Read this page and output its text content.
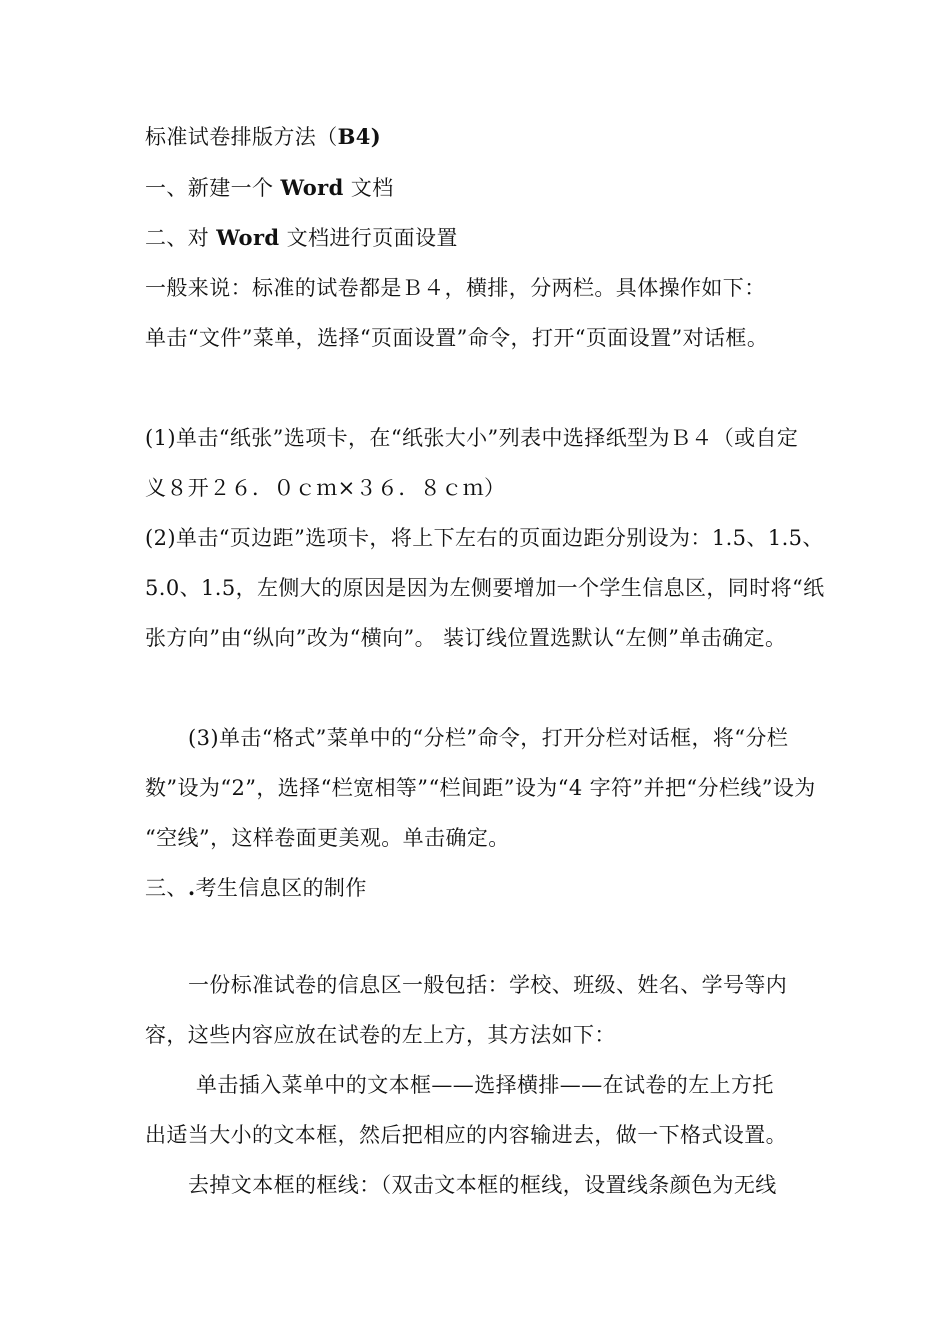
标准试卷排版方法（B4)
一、新建一个 Word 文档
二、对 Word 文档进行页面设置
一般来说：标准的试卷都是Ｂ４，横排，分两栏。具体操作如下：
单击“文件”菜单，选择“页面设置”命令，打开“页面设置”对话框。
(1)单击“纸张”选项卡，在“纸张大小”列表中选择纸型为Ｂ４（或自定
义８开２６．０ｃｍ×３６．８ｃｍ）
(2)单击“页边距”选项卡，将上下左右的页面边距分别设为：1.5、1.5、
5.0、1.5，左侧大的原因是因为左侧要增加一个学生信息区，同时将“纸
张方向”由“纵向”改为“横向”。 装订线位置选默认“左侧”单击确定。
(3)单击“格式”菜单中的“分栏”命令，打开分栏对话框，将“分栏
数”设为“2”，选择“栏宽相等”“栏间距”设为“4 字符”并把“分栏线”设为
“空线”，这样卷面更美观。单击确定。
三、.考生信息区的制作
一份标准试卷的信息区一般包括：学校、班级、姓名、学号等内
容，这些内容应放在试卷的左上方，其方法如下：
单击插入菜单中的文本框——选择横排——在试卷的左上方托
出适当大小的文本框，然后把相应的内容输进去，做一下格式设置。
去掉文本框的框线：（双击文本框的框线，设置线条颜色为无线
